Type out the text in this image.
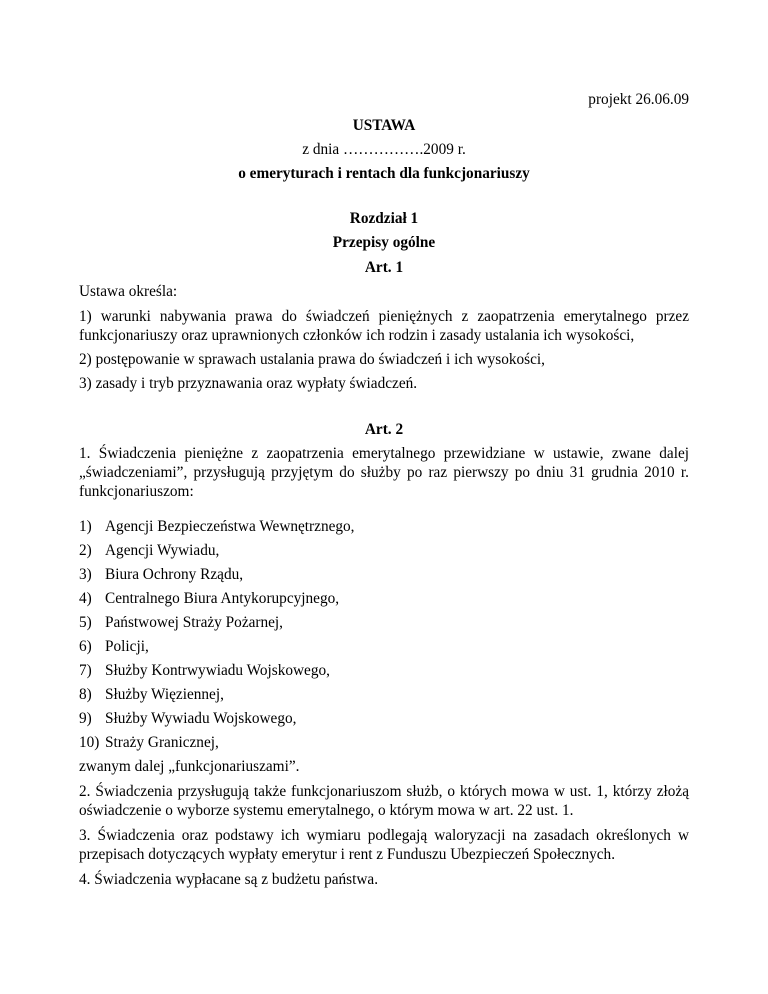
projekt 26.06.09

USTAWA

z dnia …………….2009 r.

o emeryturach i rentach dla funkcjonariuszy

Rozdział 1

Przepisy ogólne

Art. 1

Ustawa określa:

1) warunki nabywania prawa do świadczeń pieniężnych z zaopatrzenia emerytalnego przez funkcjonariuszy oraz uprawnionych członków ich rodzin i zasady ustalania ich wysokości,

2) postępowanie w sprawach ustalania prawa do świadczeń i ich wysokości,

3) zasady i tryb przyznawania oraz wypłaty świadczeń.

Art. 2

1. Świadczenia pieniężne z zaopatrzenia emerytalnego przewidziane w ustawie, zwane dalej „świadczeniami”, przysługują przyjętym do służby po raz pierwszy po dniu 31 grudnia 2010 r. funkcjonariuszom:

1) Agencji Bezpieczeństwa Wewnętrznego,

2) Agencji Wywiadu,

3) Biura Ochrony Rządu,

4) Centralnego Biura Antykorupcyjnego,

5) Państwowej Straży Pożarnej,

6) Policji,

7) Służby Kontrwywiadu Wojskowego,

8) Służby Więziennej,

9) Służby Wywiadu Wojskowego,

10) Straży Granicznej,

zwanym dalej „funkcjonariuszami”.

2. Świadczenia przysługują także funkcjonariuszom służb, o których mowa w ust. 1, którzy złożą oświadczenie o wyborze systemu emerytalnego, o którym mowa w art. 22 ust. 1.

3. Świadczenia oraz podstawy ich wymiaru podlegają waloryzacji na zasadach określonych w przepisach dotyczących wypłaty emerytur i rent z Funduszu Ubezpieczeń Społecznych.

4. Świadczenia wypłacane są z budżetu państwa.
